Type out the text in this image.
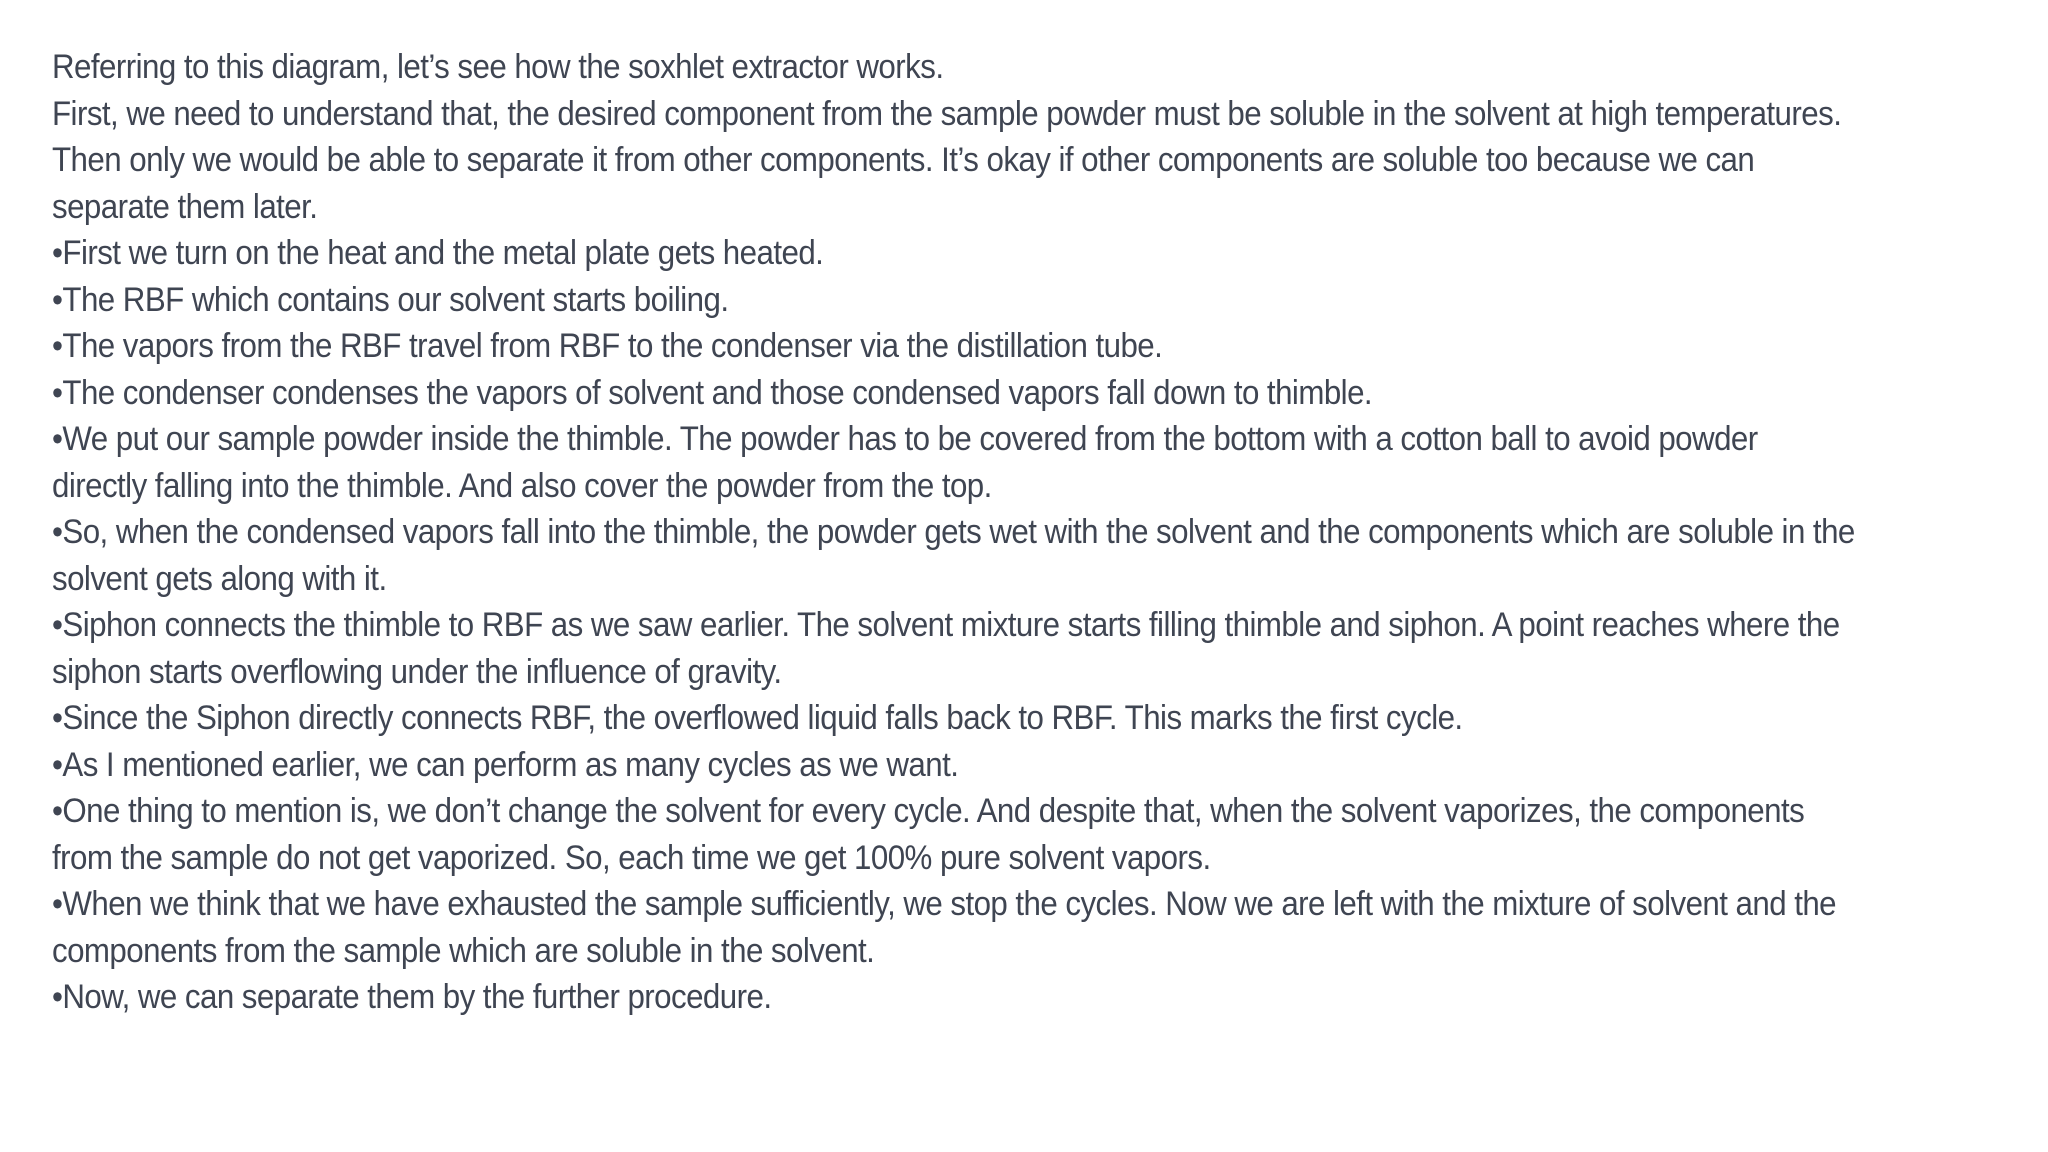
Referring to this diagram, let’s see how the soxhlet extractor works.

First, we need to understand that, the desired component from the sample powder must be soluble in the solvent at high temperatures. Then only we would be able to separate it from other components. It’s okay if other components are soluble too because we can separate them later.

•First we turn on the heat and the metal plate gets heated.

•The RBF which contains our solvent starts boiling.

•The vapors from the RBF travel from RBF to the condenser via the distillation tube.

•The condenser condenses the vapors of solvent and those condensed vapors fall down to thimble.

•We put our sample powder inside the thimble. The powder has to be covered from the bottom with a cotton ball to avoid powder directly falling into the thimble. And also cover the powder from the top.

•So, when the condensed vapors fall into the thimble, the powder gets wet with the solvent and the components which are soluble in the solvent gets along with it.

•Siphon connects the thimble to RBF as we saw earlier. The solvent mixture starts filling thimble and siphon. A point reaches where the siphon starts overflowing under the influence of gravity.

•Since the Siphon directly connects RBF, the overflowed liquid falls back to RBF. This marks the first cycle.

•As I mentioned earlier, we can perform as many cycles as we want.

•One thing to mention is, we don’t change the solvent for every cycle. And despite that, when the solvent vaporizes, the components from the sample do not get vaporized. So, each time we get 100% pure solvent vapors.

•When we think that we have exhausted the sample sufficiently, we stop the cycles. Now we are left with the mixture of solvent and the components from the sample which are soluble in the solvent.

•Now, we can separate them by the further procedure.
